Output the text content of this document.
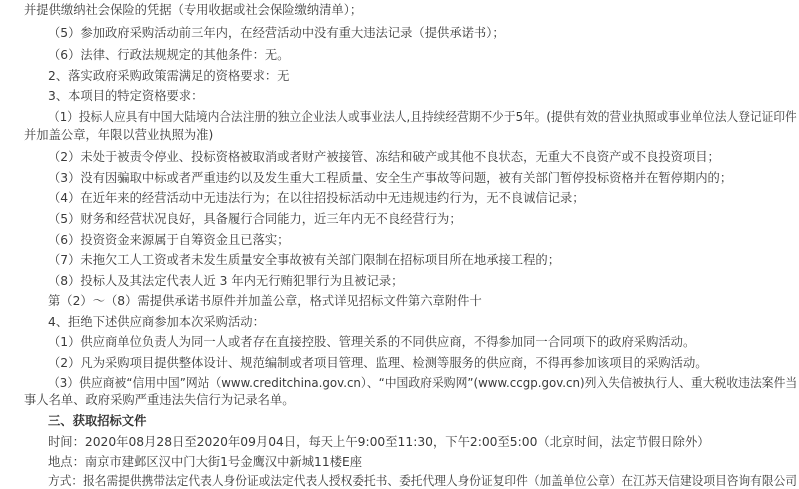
并提供缴纳社会保险的凭据（专用收据或社会保险缴纳清单）；
（5）参加政府采购活动前三年内，在经营活动中没有重大违法记录（提供承诺书）；
（6）法律、行政法规规定的其他条件：无。
2、落实政府采购政策需满足的资格要求：无
3、本项目的特定资格要求：
（1）投标人应具有中国大陆境内合法注册的独立企业法人或事业法人,且持续经营期不少于5年。(提供有效的营业执照或事业单位法人登记证印件
并加盖公章，年限以营业执照为准)
（2）未处于被责令停业、投标资格被取消或者财产被接管、冻结和破产或其他不良状态，无重大不良资产或不良投资项目；
（3）没有因骗取中标或者严重违约以及发生重大工程质量、安全生产事故等问题，被有关部门暂停投标资格并在暂停期内的；
（4）在近年来的经营活动中无违法行为；在以往招投标活动中无违规违约行为，无不良诚信记录；
（5）财务和经营状况良好，具备履行合同能力，近三年内无不良经营行为；
（6）投资资金来源属于自筹资金且已落实；
（7）未拖欠工人工资或者未发生质量安全事故被有关部门限制在招标项目所在地承接工程的；
（8）投标人及其法定代表人近 3 年内无行贿犯罪行为且被记录；
第（2）～（8）需提供承诺书原件并加盖公章，格式详见招标文件第六章附件十
4、拒绝下述供应商参加本次采购活动：
（1）供应商单位负责人为同一人或者存在直接控股、管理关系的不同供应商，不得参加同一合同项下的政府采购活动。
（2）凡为采购项目提供整体设计、规范编制或者项目管理、监理、检测等服务的供应商，不得再参加该项目的采购活动。
（3）供应商被“信用中国”网站（www.creditchina.gov.cn）、“中国政府采购网”(www.ccgp.gov.cn)列入失信被执行人、重大税收违法案件当
事人名单、政府采购严重违法失信行为记录名单。
三、获取招标文件
时间：2020年08月28日至2020年09月04日，每天上午9:00至11:30，下午2:00至5:00（北京时间，法定节假日除外）
地点：南京市建邺区汉中门大街1号金鹰汉中新城11楼E座
方式：报名需提供携带法定代表人身份证或法定代表人授权委托书、委托代理人身份证复印件（加盖单位公章）在江苏天信建设项目咨询有限公司
